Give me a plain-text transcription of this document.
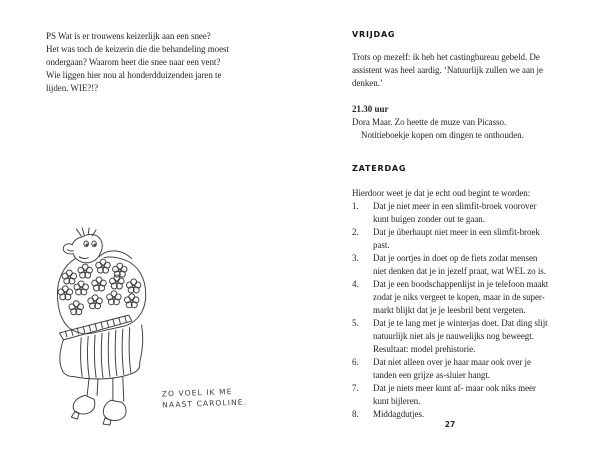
PS Wat is er trouwens keizerlijk aan een snee?
Het was toch de keizerin die die behandeling moest
ondergaan? Waarom heet die snee naar een vent?
Wie liggen hier nou al honderdduizenden jaren te
lijden. WIE?!?
ZO VOEL IK ME
NAAST CAROLINE.
VRIJDAG
Trots op mezelf: ik heb het castingbureau gebeld. De
assistent was heel aardig. ‘Natuurlijk zullen we aan je
denken.’
21.30 uur
Dora Maar. Zo heette de muze van Picasso.
Notitieboekje kopen om dingen te onthouden.
ZATERDAG
Hierdoor weet je dat je echt oud begint te worden:
1.	Dat je niet meer in een slimfit-broek voorover
kunt buigen zonder out te gaan.
2.	Dat je überhaupt niet meer in een slimfit-broek
past.
3.	Dat je oortjes in doet op de fiets zodat mensen
niet denken dat je in jezelf praat, wat WEL zo is.
4.	Dat je een boodschappenlijst in je telefoon maakt
zodat je niks vergeet te kopen, maar in de super-
markt blijkt dat je je leesbril bent vergeten.
5.	Dat je te lang met je winterjas doet. Dat ding slijt
natuurlijk niet als je nauwelijks nog beweegt.
Resultaat: model prehistorie.
6.	Dat niet alleen over je haar maar ook over je
tanden een grijze as-sluier hangt.
7.	Dat je niets meer kunt af- maar ook niks meer
kunt bijleren.
8.	Middagdutjes.
27
